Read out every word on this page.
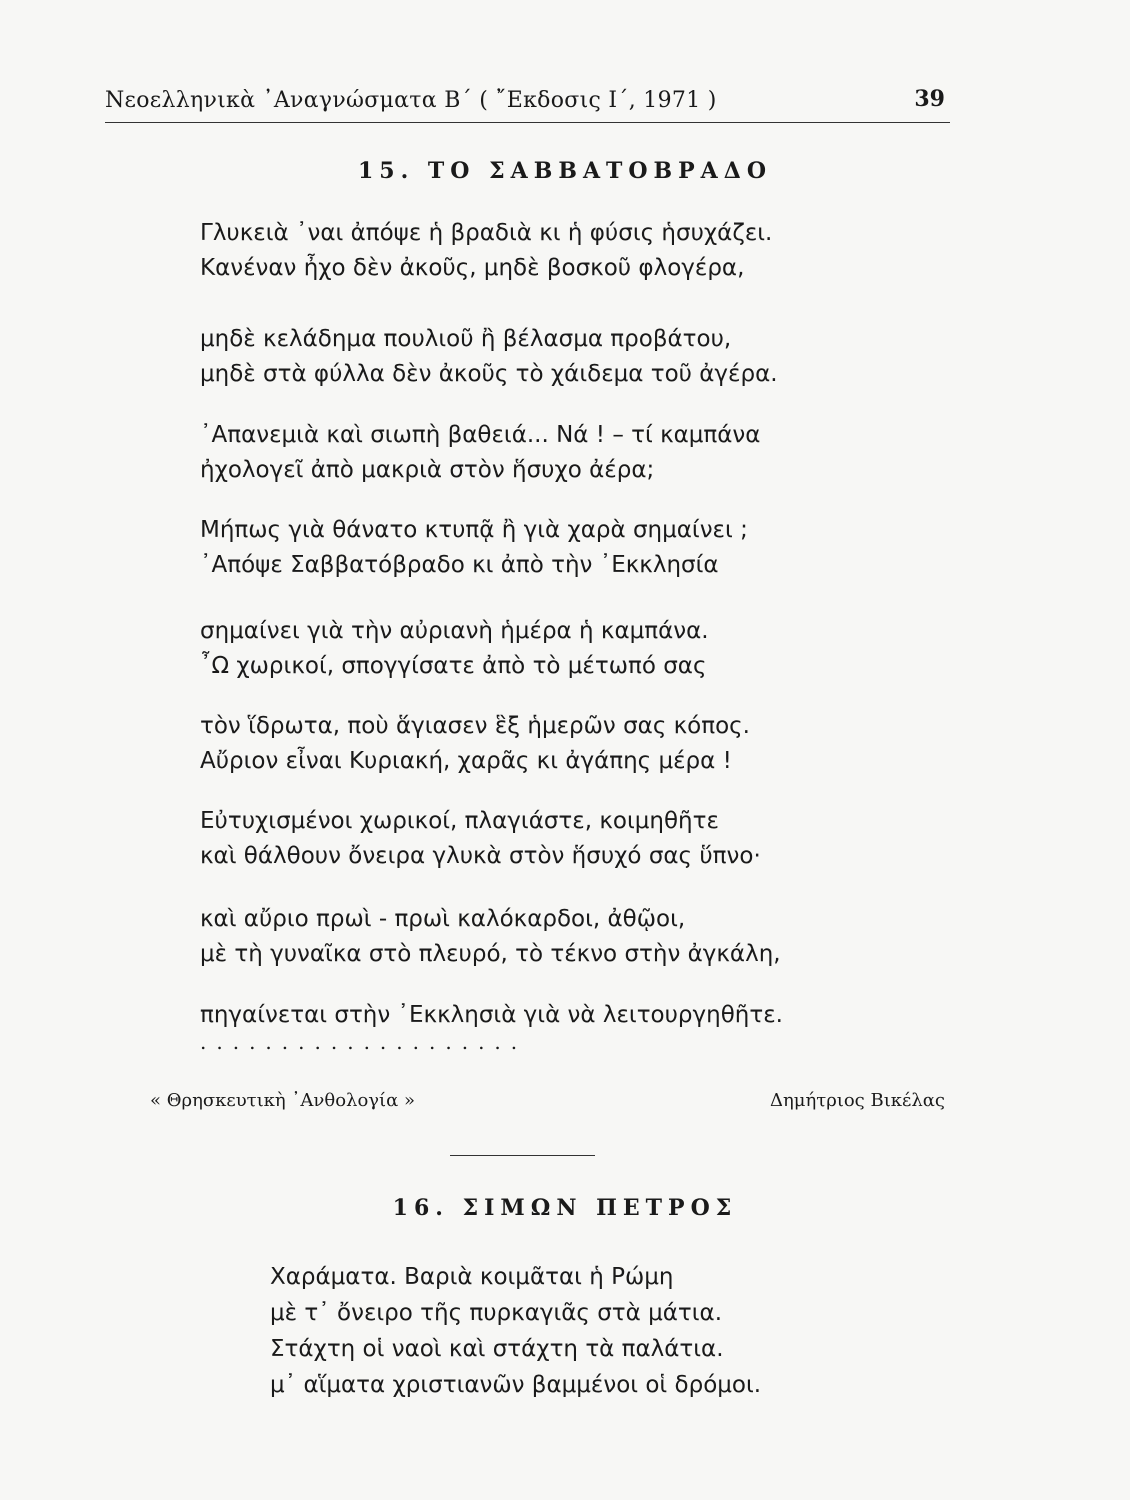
Νεοελληνικὰ ᾿Αναγνώσματα Β΄ ( ῎Εκδοσις Ι΄, 1971 )	39
15. ΤΟ ΣΑΒΒΑΤΟΒΡΑΔΟ
Γλυκειὰ ᾿ναι ἀπόψε ἡ βραδιὰ κι ἡ φύσις ἡσυχάζει.
Κανέναν ἦχο δὲν ἀκοῦς, μηδὲ βοσκοῦ φλογέρα,
μηδὲ κελάδημα πουλιοῦ ἢ βέλασμα προβάτου,
μηδὲ στὰ φύλλα δὲν ἀκοῦς τὸ χάιδεμα τοῦ ἀγέρα.
᾿Απανεμιὰ καὶ σιωπὴ βαθειά... Νά ! – τί καμπάνα
ἠχολογεῖ ἀπὸ μακριὰ στὸν ἥσυχο ἀέρα;
Μήπως γιὰ θάνατο κτυπᾷ ἢ γιὰ χαρὰ σημαίνει ;
᾿Απόψε Σαββατόβραδο κι ἀπὸ τὴν ᾿Εκκλησία
σημαίνει γιὰ τὴν αὐριανὴ ἡμέρα ἡ καμπάνα.
῏Ω χωρικοί, σπογγίσατε ἀπὸ τὸ μέτωπό σας
τὸν ἵδρωτα, ποὺ ἅγιασεν ἓξ ἡμερῶν σας κόπος.
Αὔριον εἶναι Κυριακή, χαρᾶς κι ἀγάπης μέρα !
Εὐτυχισμένοι χωρικοί, πλαγιάστε, κοιμηθῆτε
καὶ θάλθουν ὄνειρα γλυκὰ στὸν ἥσυχό σας ὕπνο·
καὶ αὔριο πρωὶ - πρωὶ καλόκαρδοι, ἀθῷοι,
μὲ τὴ γυναῖκα στὸ πλευρό, τὸ τέκνο στὴν ἀγκάλη,
πηγαίνεται στὴν ᾿Εκκλησιὰ γιὰ νὰ λειτουργηθῆτε.
....................
« Θρησκευτικὴ ᾿Ανθολογία »	Δημήτριος Βικέλας
16. ΣΙΜΩΝ ΠΕΤΡΟΣ
Χαράματα. Βαριὰ κοιμᾶται ἡ Ρώμη
μὲ τ᾿ ὄνειρο τῆς πυρκαγιᾶς στὰ μάτια.
Στάχτη οἱ ναοὶ καὶ στάχτη τὰ παλάτια.
μ᾿ αἵματα χριστιανῶν βαμμένοι οἱ δρόμοι.
